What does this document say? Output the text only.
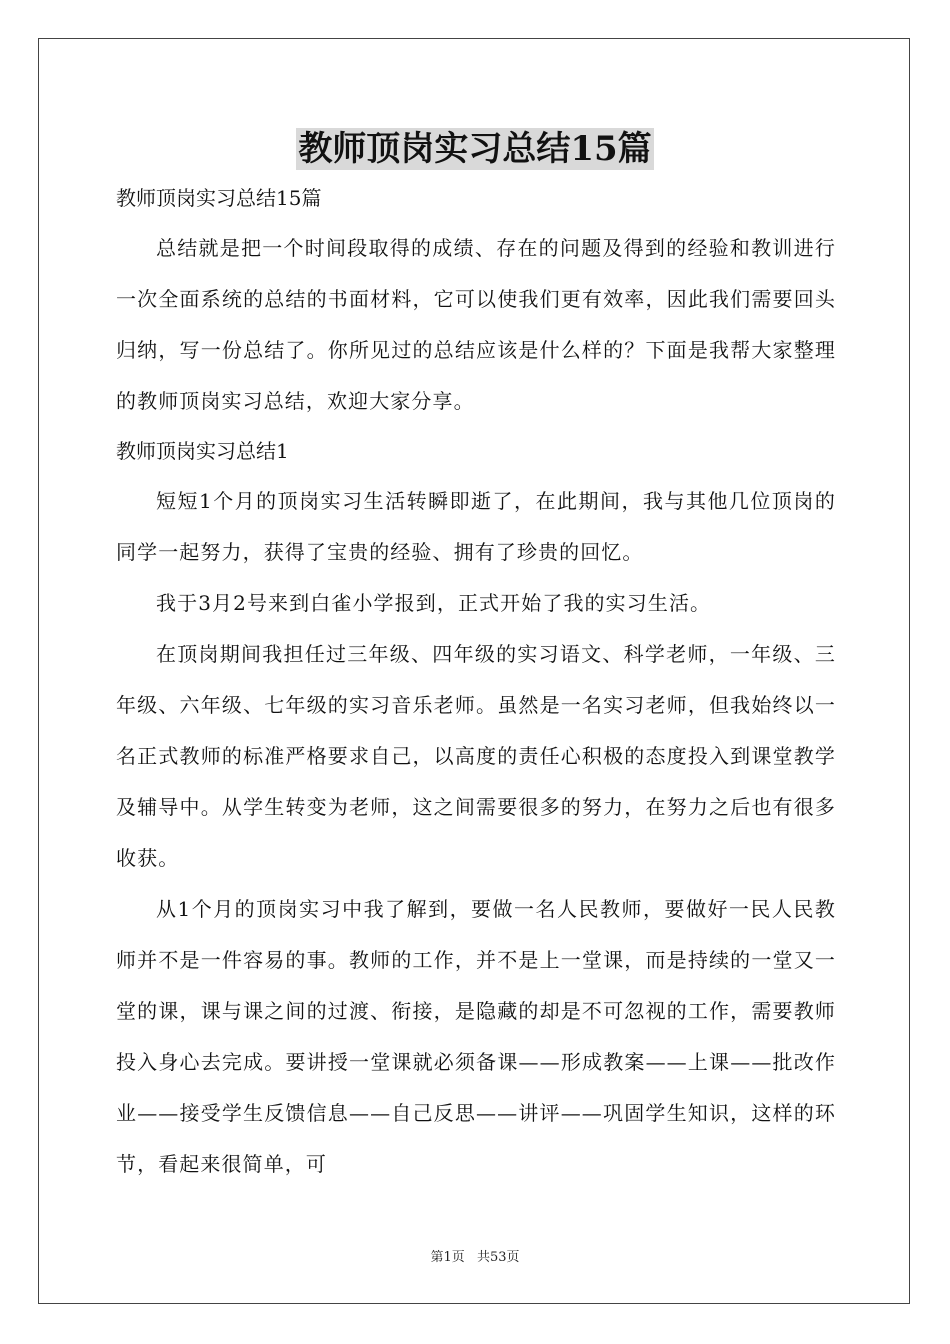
教师顶岗实习总结15篇
教师顶岗实习总结15篇

总结就是把一个时间段取得的成绩、存在的问题及得到的经验和教训进行一次全面系统的总结的书面材料，它可以使我们更有效率，因此我们需要回头归纳，写一份总结了。你所见过的总结应该是什么样的？下面是我帮大家整理的教师顶岗实习总结，欢迎大家分享。

教师顶岗实习总结1

短短1个月的顶岗实习生活转瞬即逝了，在此期间，我与其他几位顶岗的同学一起努力，获得了宝贵的经验、拥有了珍贵的回忆。

我于3月2号来到白雀小学报到，正式开始了我的实习生活。

在顶岗期间我担任过三年级、四年级的实习语文、科学老师，一年级、三年级、六年级、七年级的实习音乐老师。虽然是一名实习老师，但我始终以一名正式教师的标准严格要求自己，以高度的责任心积极的态度投入到课堂教学及辅导中。从学生转变为老师，这之间需要很多的努力，在努力之后也有很多收获。

从1个月的顶岗实习中我了解到，要做一名人民教师，要做好一民人民教师并不是一件容易的事。教师的工作，并不是上一堂课，而是持续的一堂又一堂的课，课与课之间的过渡、衔接，是隐藏的却是不可忽视的工作，需要教师投入身心去完成。要讲授一堂课就必须备课——形成教案——上课——批改作业——接受学生反馈信息——自己反思——讲评——巩固学生知识，这样的环节，看起来很简单，可

第1页 共53页
